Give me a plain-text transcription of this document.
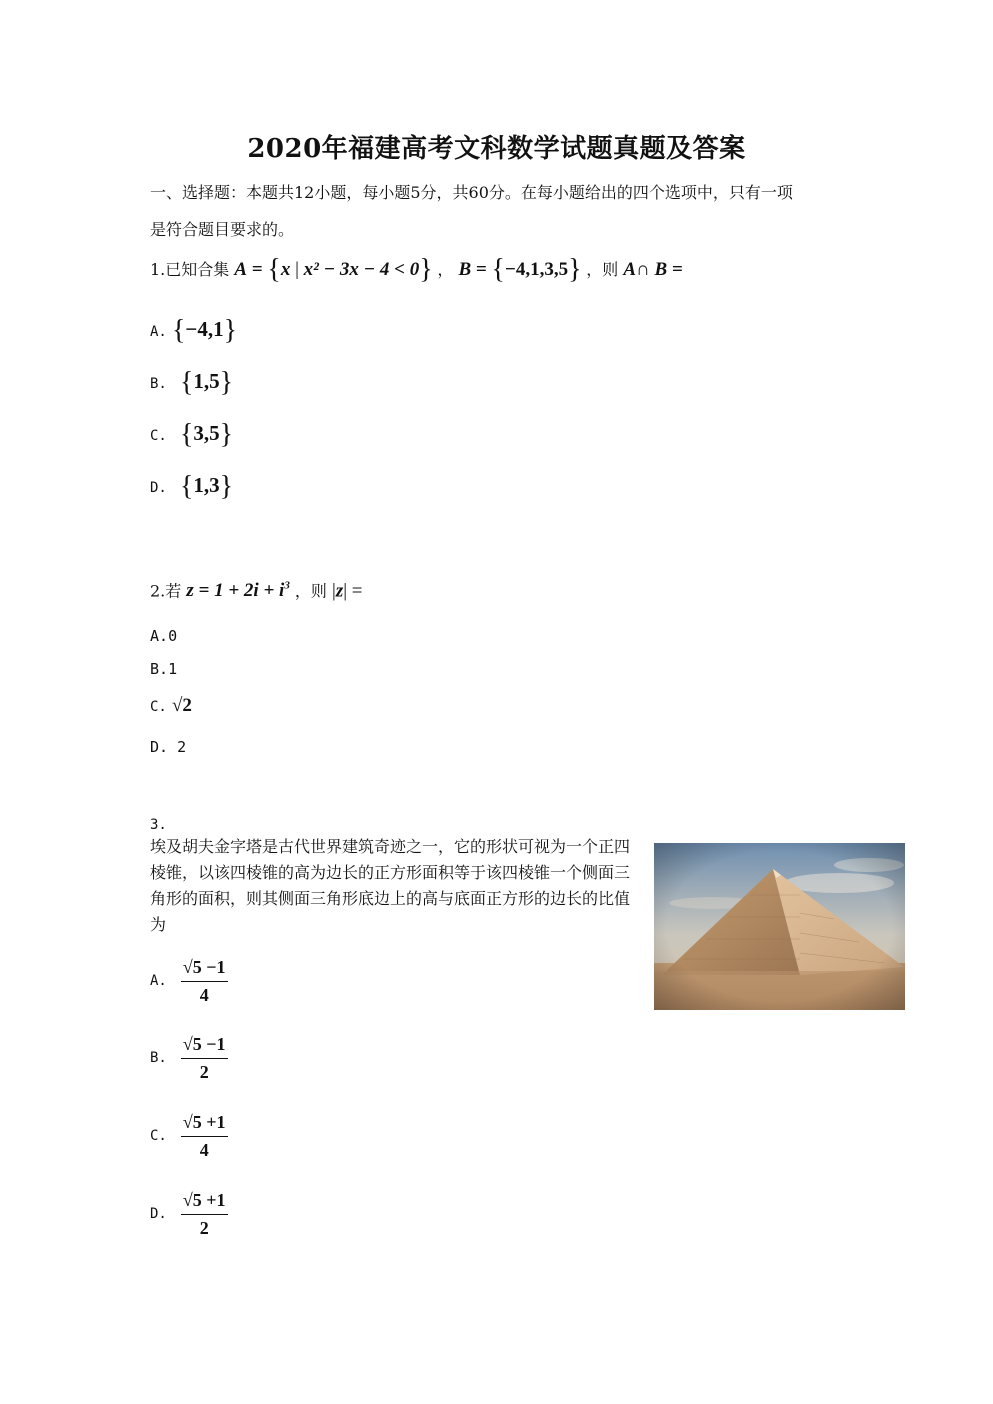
2020年福建高考文科数学试题真题及答案
一、选择题：本题共12小题，每小题5分，共60分。在每小题给出的四个选项中，只有一项
是符合题目要求的。
1.已知合集 A = {x | x² − 3x − 4 < 0} ， B = {−4,1,3,5} ，则 A∩ B =
A. {−4,1}
B. {1,5}
C. {3,5}
D. {1,3}
2.若 $z = 1 + 2i + i^3$ ，则 |z| =
A.0
B.1
C. √2
D. 2
3.
埃及胡夫金字塔是古代世界建筑奇迹之一，它的形状可视为一个正四棱锥，以该四棱锥的高为边长的正方形面积等于该四棱锥一个侧面三角形的面积，则其侧面三角形底边上的高与底面正方形的边长的比值为
A. $\frac{√5 -1}{4}$
B. $\frac{√5 -1}{2}$
C. $\frac{√5 +1}{4}$
D. $\frac{√5 +1}{2}$
